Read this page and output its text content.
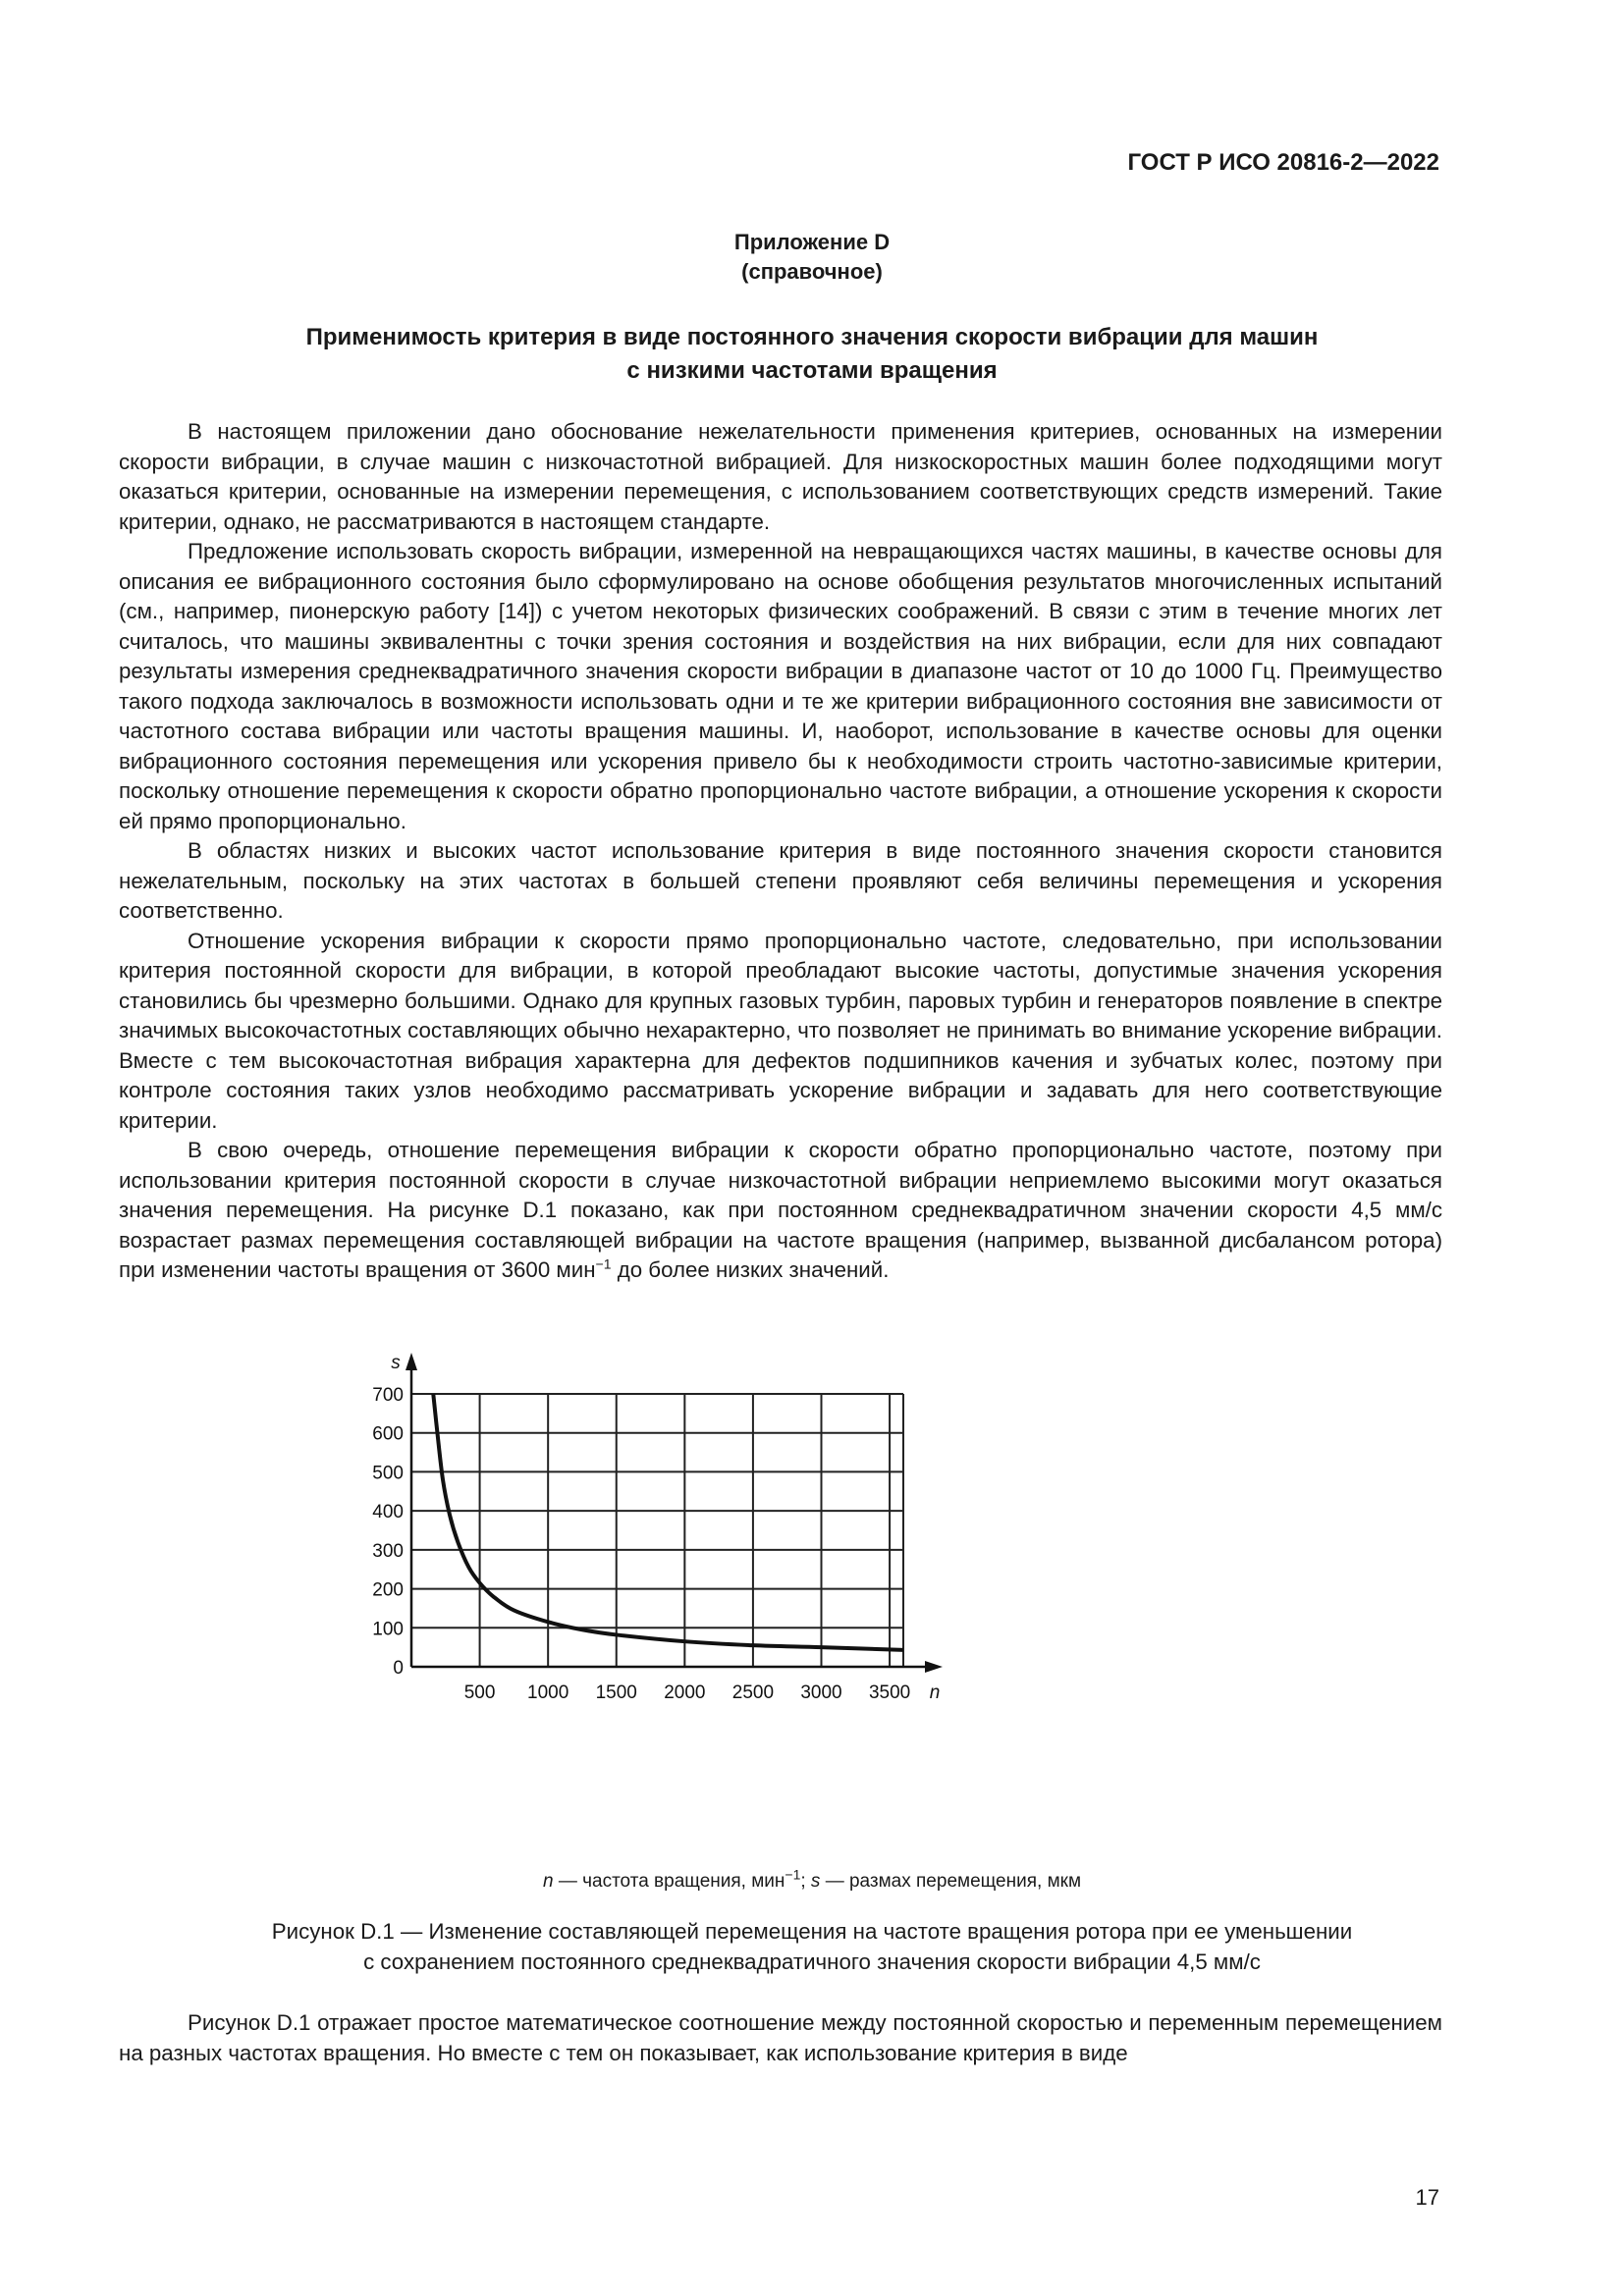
ГОСТ Р ИСО 20816-2—2022
Приложение D
(справочное)
Применимость критерия в виде постоянного значения скорости вибрации для машин
с низкими частотами вращения

В настоящем приложении дано обоснование нежелательности применения критериев, основанных на измерении скорости вибрации, в случае машин с низкочастотной вибрацией. Для низкоскоростных машин более подходящими могут оказаться критерии, основанные на измерении перемещения, с использованием соответствующих средств измерений. Такие критерии, однако, не рассматриваются в настоящем стандарте.

Предложение использовать скорость вибрации, измеренной на невращающихся частях машины, в качестве основы для описания ее вибрационного состояния было сформулировано на основе обобщения результатов многочисленных испытаний (см., например, пионерскую работу [14]) с учетом некоторых физических соображений. В связи с этим в течение многих лет считалось, что машины эквивалентны с точки зрения состояния и воздействия на них вибрации, если для них совпадают результаты измерения среднеквадратичного значения скорости вибрации в диапазоне частот от 10 до 1000 Гц. Преимущество такого подхода заключалось в возможности использовать одни и те же критерии вибрационного состояния вне зависимости от частотного состава вибрации или частоты вращения машины. И, наоборот, использование в качестве основы для оценки вибрационного состояния перемещения или ускорения привело бы к необходимости строить частотно-зависимые критерии, поскольку отношение перемещения к скорости обратно пропорционально частоте вибрации, а отношение ускорения к скорости ей прямо пропорционально.

В областях низких и высоких частот использование критерия в виде постоянного значения скорости становится нежелательным, поскольку на этих частотах в большей степени проявляют себя величины перемещения и ускорения соответственно.

Отношение ускорения вибрации к скорости прямо пропорционально частоте, следовательно, при использовании критерия постоянной скорости для вибрации, в которой преобладают высокие частоты, допустимые значения ускорения становились бы чрезмерно большими. Однако для крупных газовых турбин, паровых турбин и генераторов появление в спектре значимых высокочастотных составляющих обычно нехарактерно, что позволяет не принимать во внимание ускорение вибрации. Вместе с тем высокочастотная вибрация характерна для дефектов подшипников качения и зубчатых колес, поэтому при контроле состояния таких узлов необходимо рассматривать ускорение вибрации и задавать для него соответствующие критерии.

В свою очередь, отношение перемещения вибрации к скорости обратно пропорционально частоте, поэтому при использовании критерия постоянной скорости в случае низкочастотной вибрации неприемлемо высокими могут оказаться значения перемещения. На рисунке D.1 показано, как при постоянном среднеквадратичном значении скорости 4,5 мм/с возрастает размах перемещения составляющей вибрации на частоте вращения (например, вызванной дисбалансом ротора) при изменении частоты вращения от 3600 мин$^{-1}$ до более низких значений.

700
600
500
400
300
200
100
0
500 1000 1500 2000 2500 3000 3500
s
n
n — частота вращения, мин$^{-1}$; s — размах перемещения, мкм
Рисунок D.1 — Изменение составляющей перемещения на частоте вращения ротора при ее уменьшении
с сохранением постоянного среднеквадратичного значения скорости вибрации 4,5 мм/с

Рисунок D.1 отражает простое математическое соотношение между постоянной скоростью и переменным перемещением на разных частотах вращения. Но вместе с тем он показывает, как использование критерия в виде

17
